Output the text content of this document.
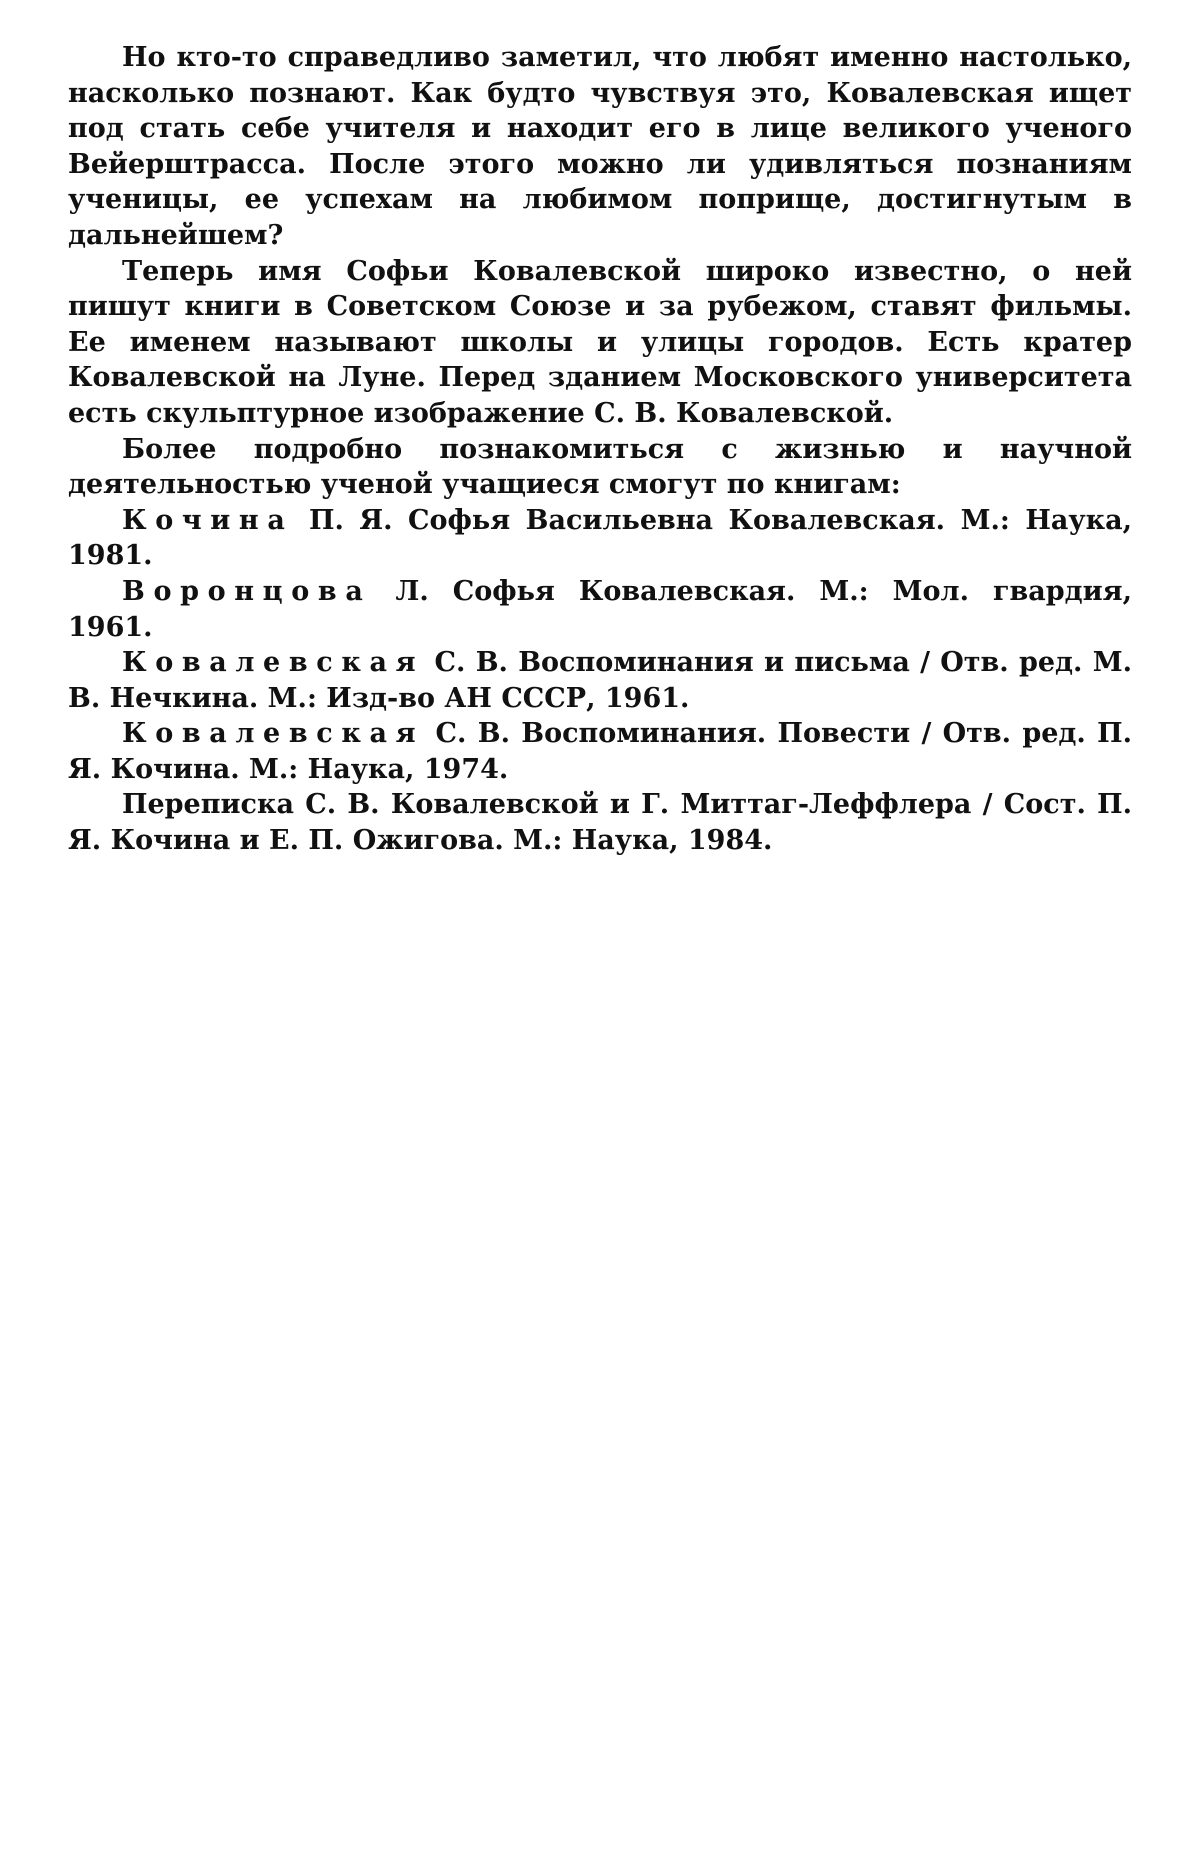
Но кто-то справедливо заметил, что любят именно настолько, насколько познают. Как будто чувствуя это, Ковалевская ищет под стать себе учителя и находит его в лице великого ученого Вейерштрасса. После этого можно ли удивляться познаниям ученицы, ее успехам на любимом поприще, достигнутым в дальнейшем?

Теперь имя Софьи Ковалевской широко известно, о ней пишут книги в Советском Союзе и за рубежом, ставят фильмы. Ее именем называют школы и улицы городов. Есть кратер Ковалевской на Луне. Перед зданием Московского университета есть скульптурное изображение С. В. Ковалевской.

Более подробно познакомиться с жизнью и научной деятельностью ученой учащиеся смогут по книгам:

Кочина П. Я. Софья Васильевна Ковалевская. М.: Наука, 1981.

Воронцова Л. Софья Ковалевская. М.: Мол. гвардия, 1961.

Ковалевская С. В. Воспоминания и письма / Отв. ред. М. В. Нечкина. М.: Изд-во АН СССР, 1961.

Ковалевская С. В. Воспоминания. Повести / Отв. ред. П. Я. Кочина. М.: Наука, 1974.

Переписка С. В. Ковалевской и Г. Миттаг-Леффлера / Сост. П. Я. Кочина и Е. П. Ожигова. М.: Наука, 1984.
